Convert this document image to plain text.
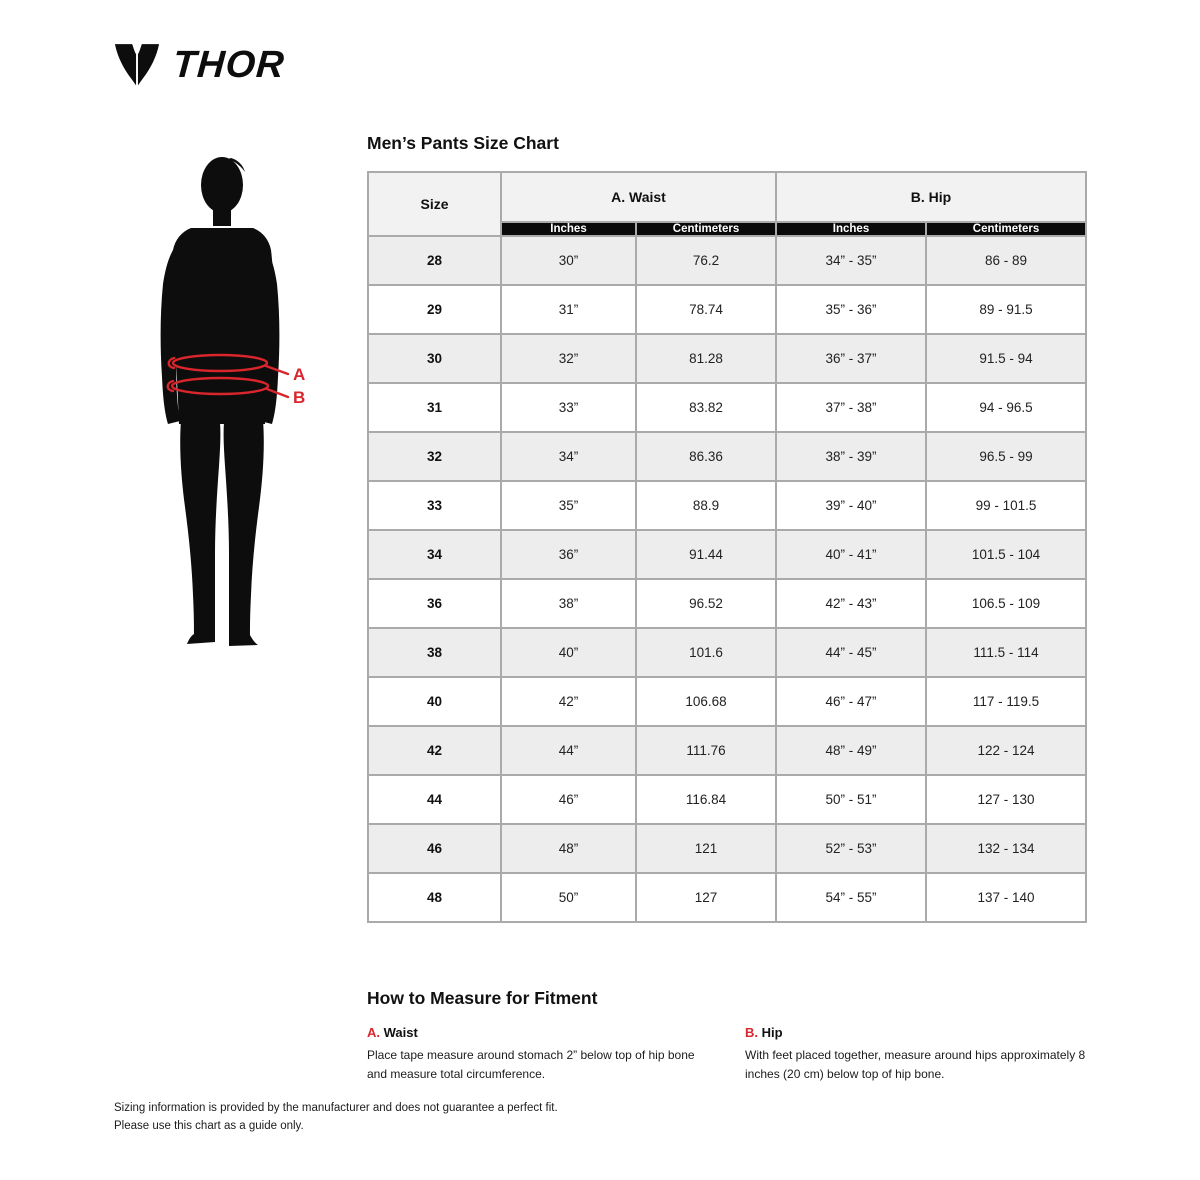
THOR
A
B
Men’s Pants Size Chart
Size	A. Waist		B. Hip	
	Inches	Centimeters	Inches	Centimeters
28	30”	76.2	34” - 35”	86 - 89
29	31”	78.74	35” - 36”	89 - 91.5
30	32”	81.28	36” - 37”	91.5 - 94
31	33”	83.82	37” - 38”	94 - 96.5
32	34”	86.36	38” - 39”	96.5 - 99
33	35”	88.9	39” - 40”	99 - 101.5
34	36”	91.44	40” - 41”	101.5 - 104
36	38”	96.52	42” - 43”	106.5 - 109
38	40”	101.6	44” - 45”	111.5 - 114
40	42”	106.68	46” - 47”	117 - 119.5
42	44”	111.76	48” - 49”	122 - 124
44	46”	116.84	50” - 51”	127 - 130
46	48”	121	52” - 53”	132 - 134
48	50”	127	54” - 55”	137 - 140
How to Measure for Fitment
A. Waist

Place tape measure around stomach 2” below top of hip bone and measure total circumference.

B. Hip

With feet placed together, measure around hips approximately 8 inches (20 cm) below top of hip bone.

Sizing information is provided by the manufacturer and does not guarantee a perfect fit.

Please use this chart as a guide only.
